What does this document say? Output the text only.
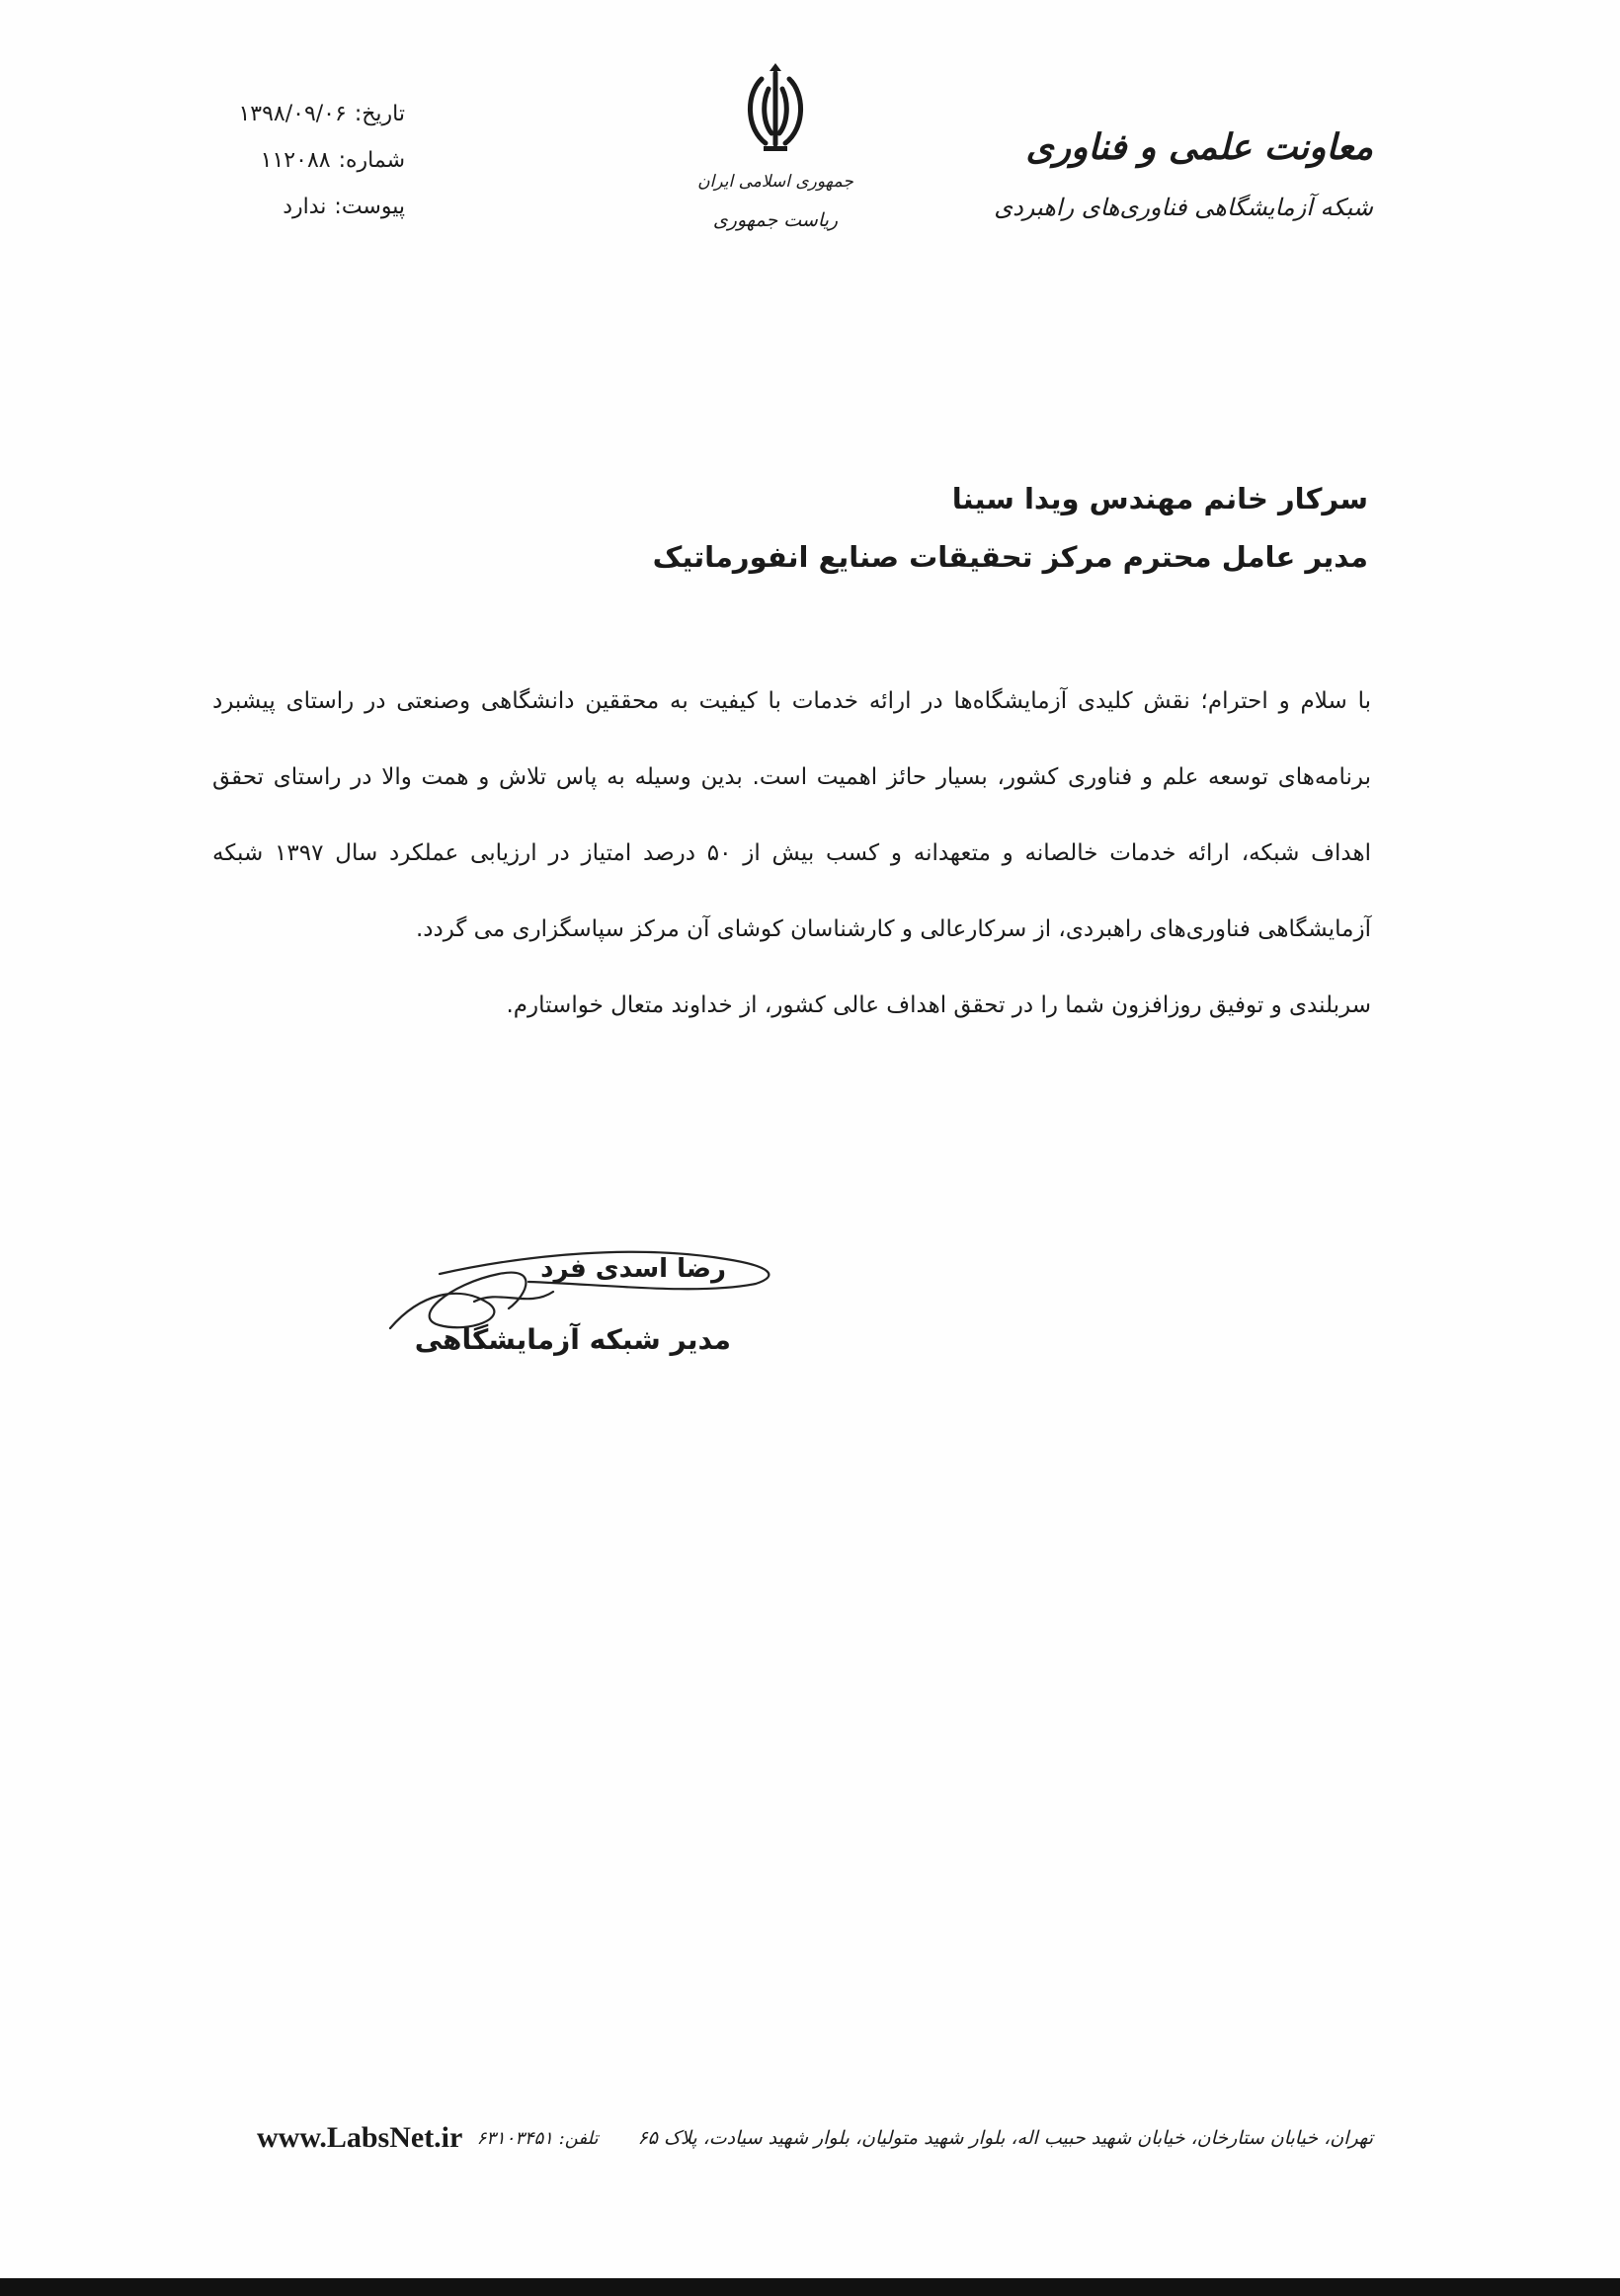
معاونت علمی و فناوری
شبکه آزمایشگاهی فناوری‌های راهبردی
جمهوری اسلامی ایران
ریاست جمهوری
تاریخ:
۱۳۹۸/۰۹/۰۶
شماره:
۱۱۲۰۸۸
پیوست:
ندارد
سرکار خانم مهندس ویدا سینا
مدیر عامل محترم مرکز تحقیقات صنایع انفورماتیک

با سلام و احترام؛ نقش کلیدی آزمایشگاه‌ها در ارائه خدمات با کیفیت به محققین دانشگاهی وصنعتی در راستای پیشبرد برنامه‌های توسعه علم و فناوری کشور، بسیار حائز اهمیت است. بدین وسیله به پاس تلاش و همت والا در راستای تحقق اهداف شبکه، ارائه خدمات خالصانه و متعهدانه و کسب بیش از ۵۰ درصد امتیاز در ارزیابی عملکرد سال ۱۳۹۷ شبکه آزمایشگاهی فناوری‌های راهبردی، از سرکارعالی و کارشناسان کوشای آن مرکز سپاسگزاری می گردد.

سربلندی و توفیق روزافزون شما را در تحقق اهداف عالی کشور، از خداوند متعال خواستارم.

رضا اسدی فرد
مدیر شبکه آزمایشگاهی
تهران، خیابان ستارخان، خیابان شهید حبیب اله، بلوار شهید متولیان، بلوار شهید سیادت، پلاک ۶۵
تلفن: ۶۳۱۰۳۴۵۱
www.LabsNet.ir
